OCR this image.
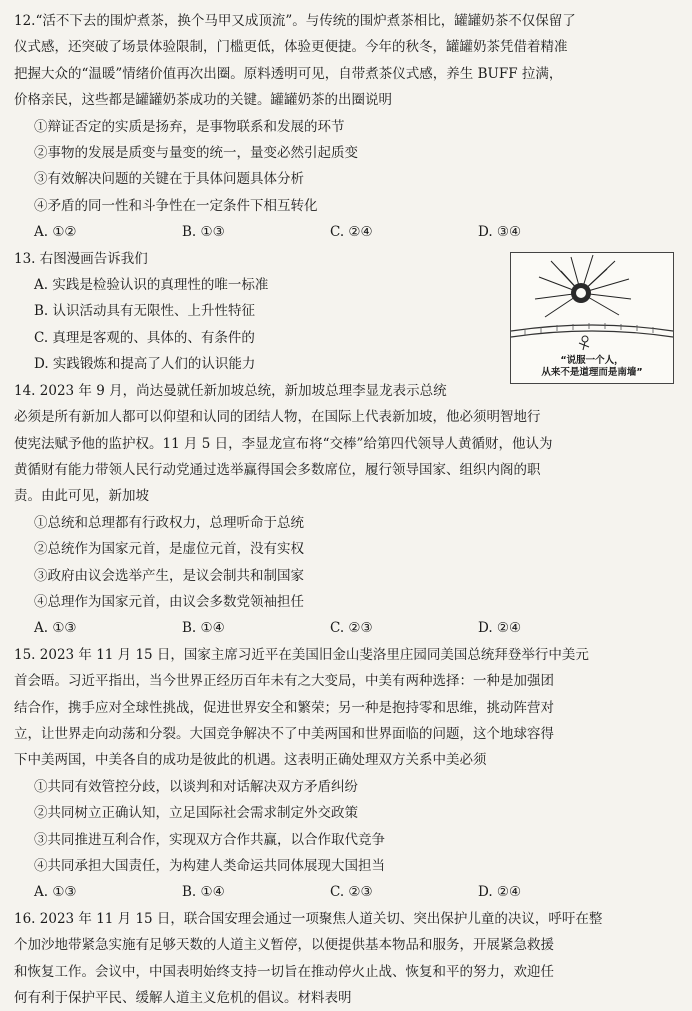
12.“活不下去的围炉煮茶，换个马甲又成顶流”。与传统的围炉煮茶相比，罐罐奶茶不仅保留了

仪式感，还突破了场景体验限制，门槛更低，体验更便捷。今年的秋冬，罐罐奶茶凭借着精准

把握大众的“温暖”情绪价值再次出圈。原料透明可见，自带煮茶仪式感，养生 BUFF 拉满，

价格亲民，这些都是罐罐奶茶成功的关键。罐罐奶茶的出圈说明

①辩证否定的实质是扬弃，是事物联系和发展的环节

②事物的发展是质变与量变的统一，量变必然引起质变

③有效解决问题的关键在于具体问题具体分析

④矛盾的同一性和斗争性在一定条件下相互转化

A. ①②	B. ①③	C. ②④	D. ③④

13. 右图漫画告诉我们

A. 实践是检验认识的真理性的唯一标准

B. 认识活动具有无限性、上升性特征

C. 真理是客观的、具体的、有条件的

D. 实践锻炼和提高了人们的认识能力	“说服一个人，
从来不是道理而是南墙”

14. 2023 年 9 月，尚达曼就任新加坡总统，新加坡总理李显龙表示总统

必须是所有新加人都可以仰望和认同的团结人物，在国际上代表新加坡，他必须明智地行

使宪法赋予他的监护权。11 月 5 日，李显龙宣布将“交棒”给第四代领导人黄循财，他认为

黄循财有能力带领人民行动党通过选举赢得国会多数席位，履行领导国家、组织内阁的职

责。由此可见，新加坡

①总统和总理都有行政权力，总理听命于总统

②总统作为国家元首，是虚位元首，没有实权

③政府由议会选举产生，是议会制共和制国家

④总理作为国家元首，由议会多数党领袖担任

A. ①③	B. ①④	C. ②③	D. ②④

15. 2023 年 11 月 15 日，国家主席习近平在美国旧金山斐洛里庄园同美国总统拜登举行中美元

首会晤。习近平指出，当今世界正经历百年未有之大变局，中美有两种选择：一种是加强团

结合作，携手应对全球性挑战，促进世界安全和繁荣；另一种是抱持零和思维，挑动阵营对

立，让世界走向动荡和分裂。大国竞争解决不了中美两国和世界面临的问题，这个地球容得

下中美两国，中美各自的成功是彼此的机遇。这表明正确处理双方关系中美必须

①共同有效管控分歧，以谈判和对话解决双方矛盾纠纷

②共同树立正确认知，立足国际社会需求制定外交政策

③共同推进互利合作，实现双方合作共赢，以合作取代竞争

④共同承担大国责任，为构建人类命运共同体展现大国担当

A. ①③	B. ①④	C. ②③	D. ②④

16. 2023 年 11 月 15 日，联合国安理会通过一项聚焦人道关切、突出保护儿童的决议，呼吁在整

个加沙地带紧急实施有足够天数的人道主义暂停，以便提供基本物品和服务，开展紧急救援

和恢复工作。会议中，中国表明始终支持一切旨在推动停火止战、恢复和平的努力，欢迎任

何有利于保护平民、缓解人道主义危机的倡议。材料表明
